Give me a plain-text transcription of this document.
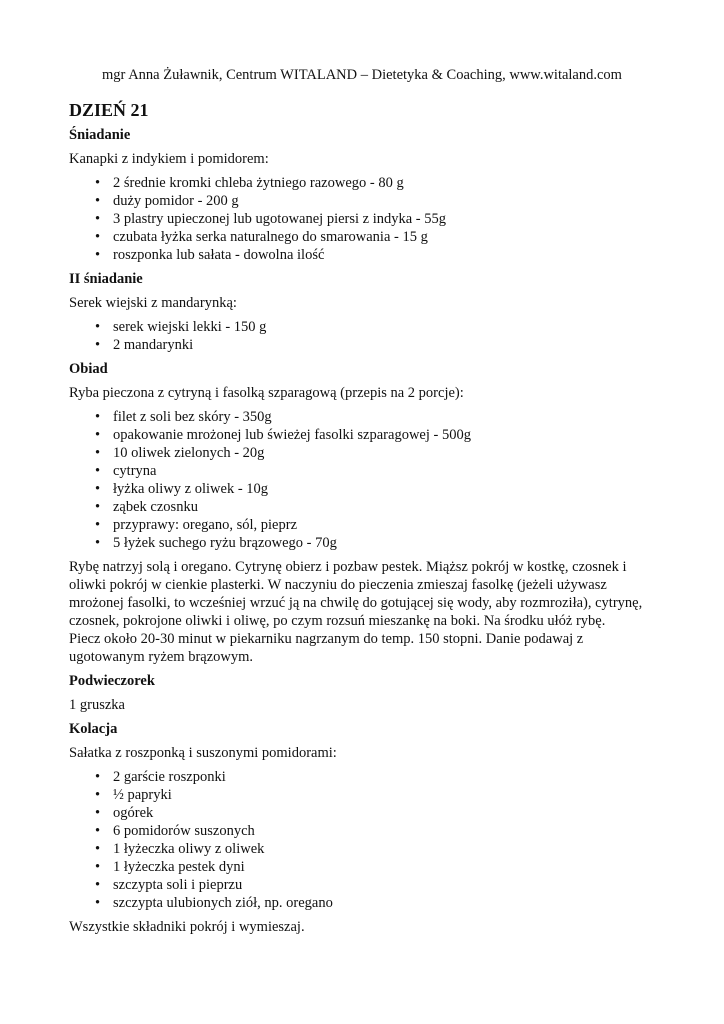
mgr Anna Żuławnik, Centrum WITALAND – Dietetyka & Coaching, www.witaland.com
DZIEŃ 21
Śniadanie
Kanapki z indykiem i pomidorem:
• 2 średnie kromki chleba żytniego razowego - 80 g
• duży pomidor - 200 g
• 3 plastry upieczonej lub ugotowanej piersi z indyka - 55g
• czubata łyżka serka naturalnego do smarowania - 15 g
• roszponka lub sałata - dowolna ilość
II śniadanie
Serek wiejski z mandarynką:
• serek wiejski lekki - 150 g
• 2 mandarynki
Obiad
Ryba pieczona z cytryną i fasolką szparagową (przepis na 2 porcje):
• filet z soli bez skóry - 350g
• opakowanie mrożonej lub świeżej fasolki szparagowej - 500g
• 10 oliwek zielonych - 20g
• cytryna
• łyżka oliwy z oliwek - 10g
• ząbek czosnku
• przyprawy: oregano, sól, pieprz
• 5 łyżek suchego ryżu brązowego - 70g
Rybę natrzyj solą i oregano. Cytrynę obierz i pozbaw pestek. Miąższ pokrój w kostkę, czosnek i
oliwki pokrój w cienkie plasterki. W naczyniu do pieczenia zmieszaj fasolkę (jeżeli używasz
mrożonej fasolki, to wcześniej wrzuć ją na chwilę do gotującej się wody, aby rozmroziła), cytrynę,
czosnek, pokrojone oliwki i oliwę, po czym rozsuń mieszankę na boki. Na środku ułóż rybę.
Piecz około 20-30 minut w piekarniku nagrzanym do temp. 150 stopni. Danie podawaj z
ugotowanym ryżem brązowym.
Podwieczorek
1 gruszka
Kolacja
Sałatka z roszponką i suszonymi pomidorami:
• 2 garście roszponki
• ½ papryki
• ogórek
• 6 pomidorów suszonych
• 1 łyżeczka oliwy z oliwek
• 1 łyżeczka pestek dyni
• szczypta soli i pieprzu
• szczypta ulubionych ziół, np. oregano
Wszystkie składniki pokrój i wymieszaj.
